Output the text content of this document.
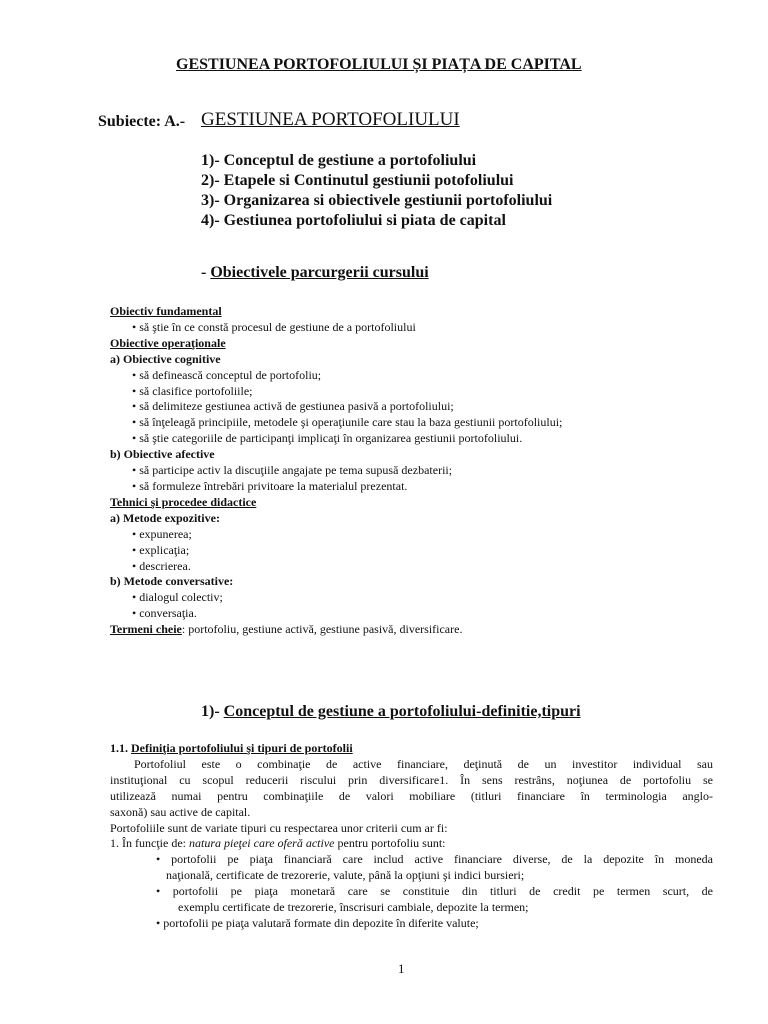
GESTIUNEA PORTOFOLIULUI ȘI PIAȚA DE CAPITAL
Subiecte: A.- GESTIUNEA PORTOFOLIULUI
1)- Conceptul de gestiune a portofoliului
2)- Etapele si Continutul gestiunii potofoliului
3)- Organizarea si obiectivele gestiunii portofoliului
4)- Gestiunea portofoliului si piata de capital
- Obiectivele parcurgerii cursului
Obiectiv fundamental
• să ştie în ce constă procesul de gestiune de a portofoliului
Obiective operaţionale
a) Obiective cognitive
• să definească conceptul de portofoliu;
• să clasifice portofoliile;
• să delimiteze gestiunea activă de gestiunea pasivă a portofoliului;
• să înţeleagă principiile, metodele şi operaţiunile care stau la baza gestiunii portofoliului;
• să ştie categoriile de participanţi implicaţi în organizarea gestiunii portofoliului.
b) Obiective afective
• să participe activ la discuţiile angajate pe tema supusă dezbaterii;
• să formuleze întrebări privitoare la materialul prezentat.
Tehnici şi procedee didactice
a) Metode expozitive:
• expunerea;
• explicaţia;
• descrierea.
b) Metode conversative:
• dialogul colectiv;
• conversaţia.
Termeni cheie: portofoliu, gestiune activă, gestiune pasivă, diversificare.
1)- Conceptul de gestiune a portofoliului-definitie,tipuri
1.1. Definiţia portofoliului şi tipuri de portofolii
Portofoliul este o combinaţie de active financiare, deţinută de un investitor individual sau
instituţional cu scopul reducerii riscului prin diversificare1. În sens restrâns, noţiunea de portofoliu se
utilizează numai pentru combinaţiile de valori mobiliare (titluri financiare în terminologia anglo-
saxonă) sau active de capital.
Portofoliile sunt de variate tipuri cu respectarea unor criterii cum ar fi:
1. În funcţie de: natura pieţei care oferă active pentru portofoliu sunt:
• portofolii pe piaţa financiară care includ active financiare diverse, de la depozite în moneda
naţională, certificate de trezorerie, valute, până la opţiuni şi indici bursieri;
• portofolii pe piaţa monetară care se constituie din titluri de credit pe termen scurt, de
exemplu certificate de trezorerie, înscrisuri cambiale, depozite la termen;
• portofolii pe piaţa valutară formate din depozite în diferite valute;
1
